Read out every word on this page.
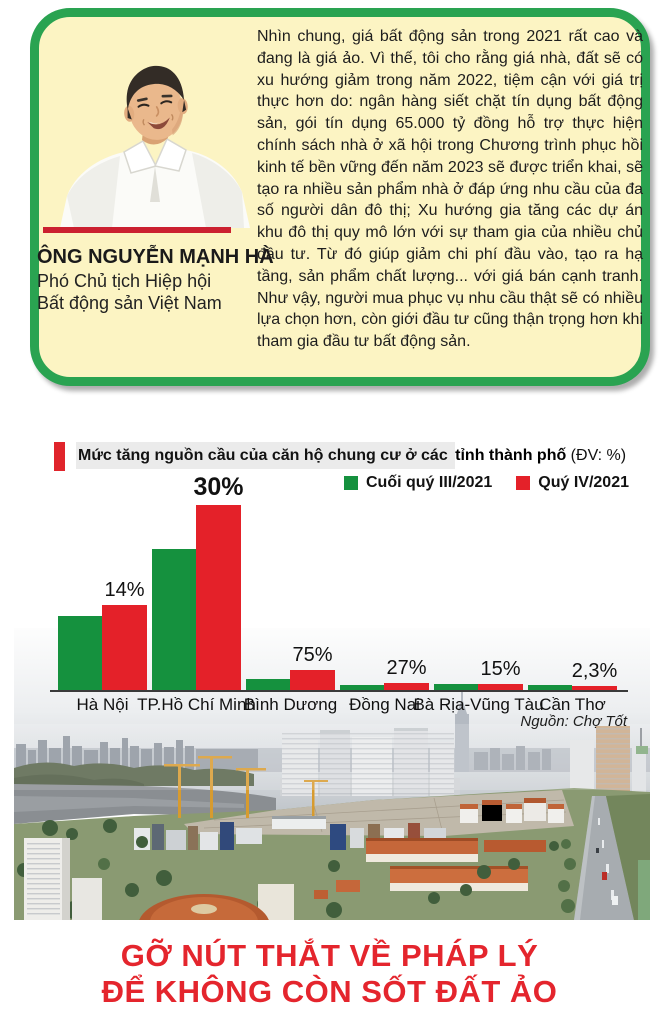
ÔNG NGUYỄN MẠNH HÀ
Phó Chủ tịch Hiệp hội
Bất động sản Việt Nam
Nhìn chung, giá bất động sản trong 2021 rất cao và đang là giá ảo. Vì thế, tôi cho rằng giá nhà, đất sẽ có xu hướng giảm trong năm 2022, tiệm cận với giá trị thực hơn do: ngân hàng siết chặt tín dụng bất động sản, gói tín dụng 65.000 tỷ đồng hỗ trợ thực hiện chính sách nhà ở xã hội trong Chương trình phục hồi kinh tế bền vững đến năm 2023 sẽ được triển khai, sẽ tạo ra nhiều sản phẩm nhà ở đáp ứng nhu cầu của đa số người dân đô thị; Xu hướng gia tăng các dự án khu đô thị quy mô lớn với sự tham gia của nhiều chủ đầu tư. Từ đó giúp giảm chi phí đầu vào, tạo ra hạ tầng, sản phẩm chất lượng... với giá bán cạnh tranh. Như vậy, người mua phục vụ nhu cầu thật sẽ có nhiều lựa chọn hơn, còn giới đầu tư cũng thận trọng hơn khi tham gia đầu tư bất động sản.
Mức tăng nguồn cầu của căn hộ chung cư ở các tỉnh thành phố (ĐV: %)
Cuối quý III/2021	Quý IV/2021
14%
30%
75%
27%	15%	2,3%
Hà Nội TP.Hồ Chí Minh
Bình Dương Đồng Nai
Bà Rịa-Vũng Tàu
Cần Thơ
Nguồn: Chợ Tốt
GỠ NÚT THẮT VỀ PHÁP LÝ
ĐỂ KHÔNG CÒN SỐT ĐẤT ẢO
